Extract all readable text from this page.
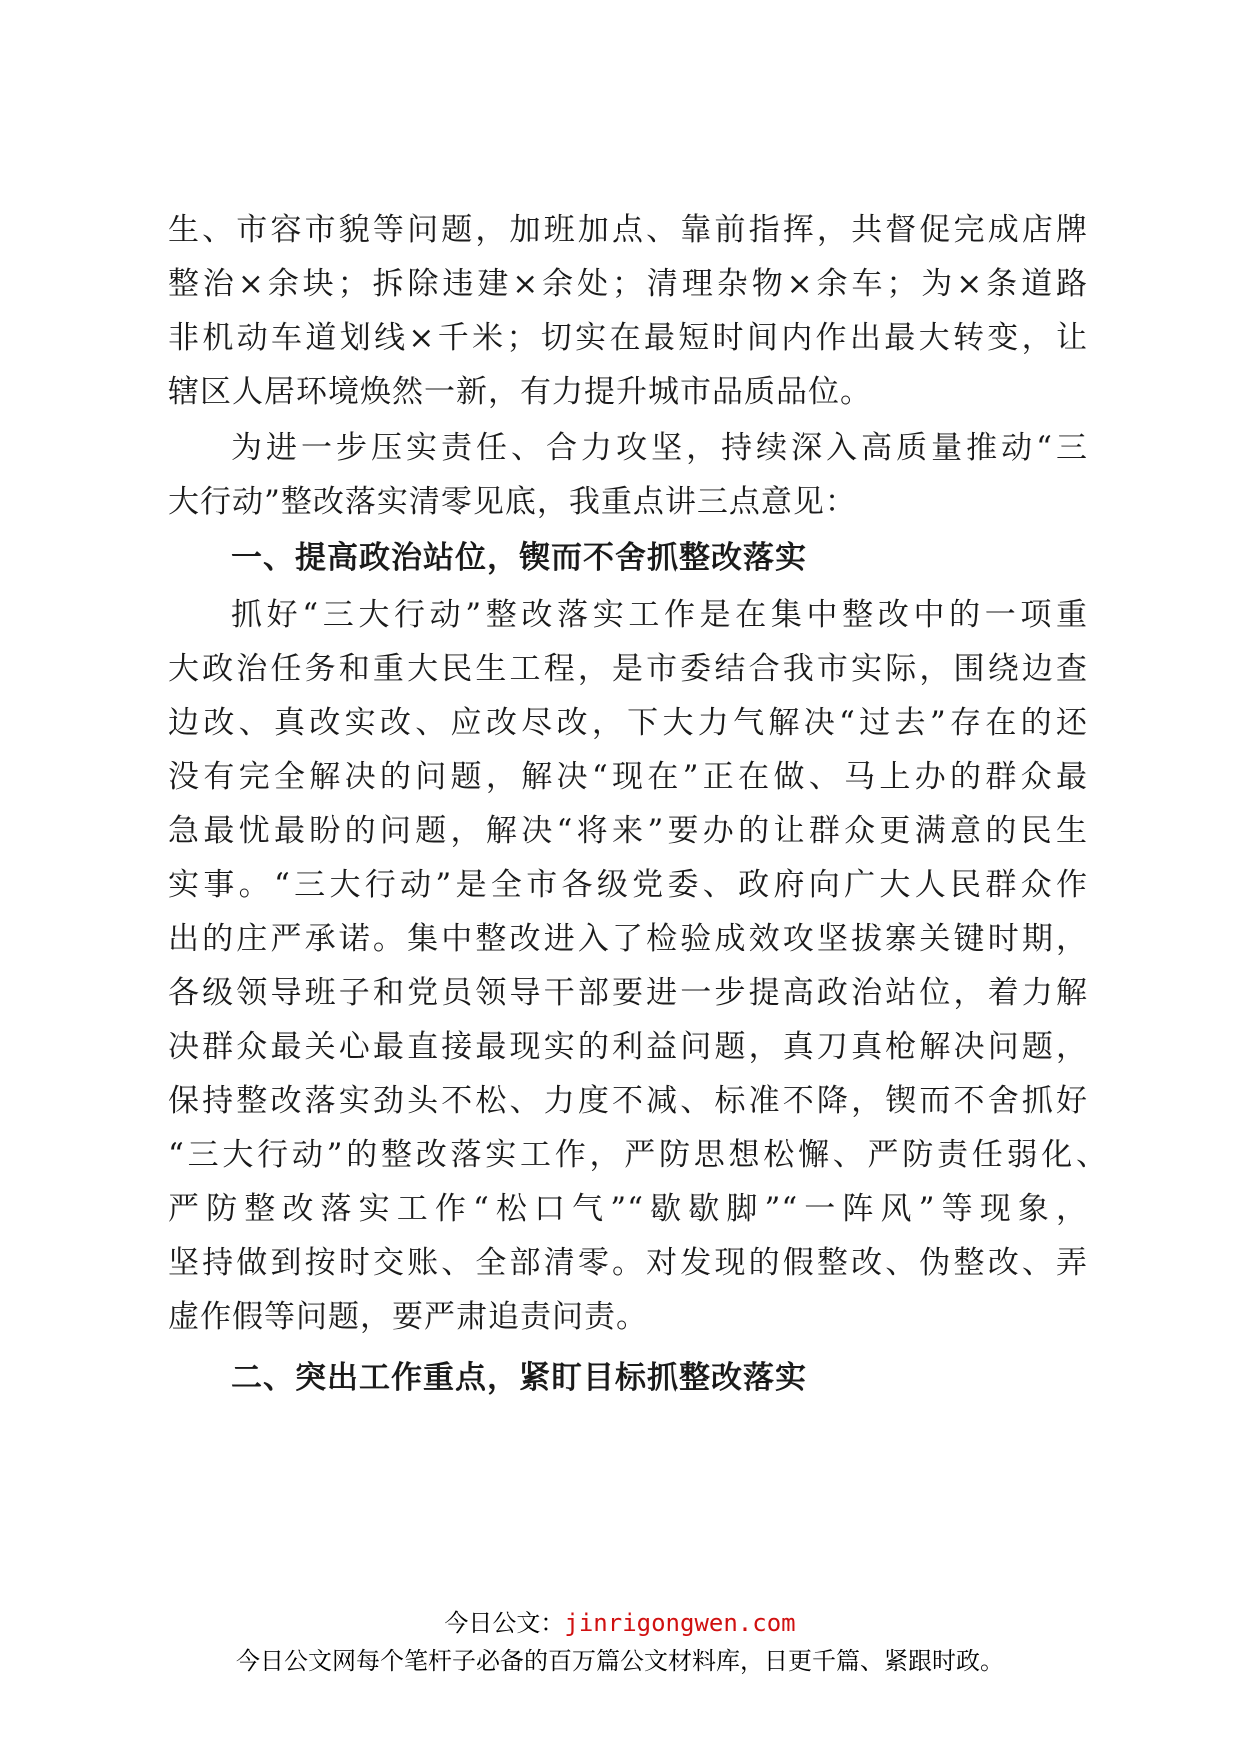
生、市容市貌等问题，加班加点、靠前指挥，共督促完成店牌
整治×余块；拆除违建×余处；清理杂物×余车；为×条道路
非机动车道划线×千米；切实在最短时间内作出最大转变，让
辖区人居环境焕然一新，有力提升城市品质品位。
为进一步压实责任、合力攻坚，持续深入高质量推动“三
大行动”整改落实清零见底，我重点讲三点意见：
一、提高政治站位，锲而不舍抓整改落实
抓好“三大行动”整改落实工作是在集中整改中的一项重
大政治任务和重大民生工程，是市委结合我市实际，围绕边查
边改、真改实改、应改尽改，下大力气解决“过去”存在的还
没有完全解决的问题，解决“现在”正在做、马上办的群众最
急最忧最盼的问题，解决“将来”要办的让群众更满意的民生
实事。“三大行动”是全市各级党委、政府向广大人民群众作
出的庄严承诺。集中整改进入了检验成效攻坚拔寨关键时期，
各级领导班子和党员领导干部要进一步提高政治站位，着力解
决群众最关心最直接最现实的利益问题，真刀真枪解决问题，
保持整改落实劲头不松、力度不减、标准不降，锲而不舍抓好
“三大行动”的整改落实工作，严防思想松懈、严防责任弱化、
严防整改落实工作“松口气”“歇歇脚”“一阵风”等现象，
坚持做到按时交账、全部清零。对发现的假整改、伪整改、弄
虚作假等问题，要严肃追责问责。
二、突出工作重点，紧盯目标抓整改落实
今日公文：jinrigongwen.com
今日公文网每个笔杆子必备的百万篇公文材料库，日更千篇、紧跟时政。
